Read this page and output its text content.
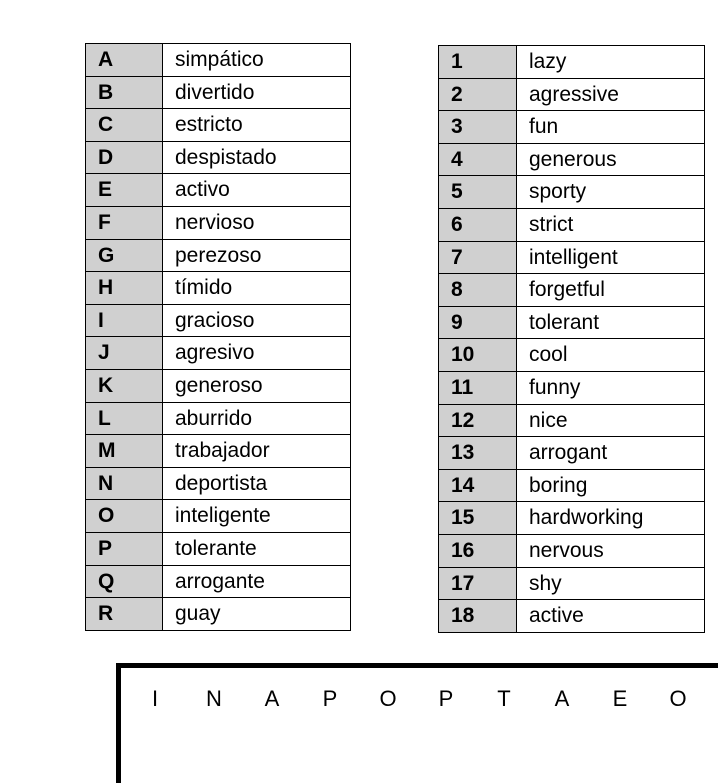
A	simpático
B	divertido
C	estricto
D	despistado
E	activo
F	nervioso
G	perezoso
H	tímido
I	gracioso
J	agresivo
K	generoso
L	aburrido
M	trabajador
N	deportista
O	inteligente
P	tolerante
Q	arrogante
R	guay
1	lazy
2	agressive
3	fun
4	generous
5	sporty
6	strict
7	intelligent
8	forgetful
9	tolerant
10	cool
11	funny
12	nice
13	arrogant
14	boring
15	hardworking
16	nervous
17	shy
18	active
I	N	A	P	O	P	T	A	E	O
